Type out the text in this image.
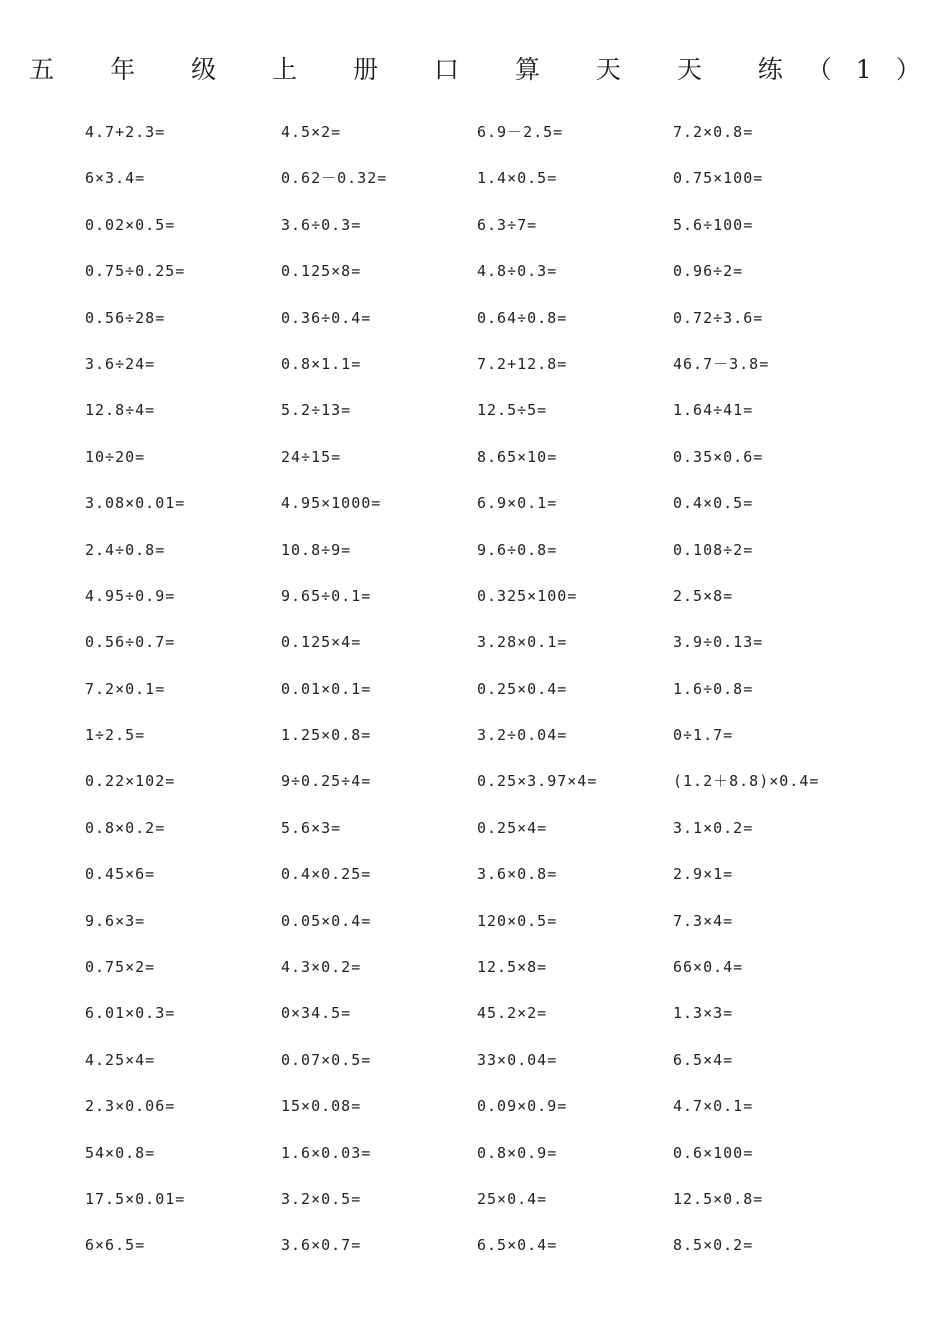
五 年 级 上 册 口 算 天 天 练（1）
4.7+2.3=	4.5×2=	6.9－2.5=	7.2×0.8=
6×3.4=	0.62－0.32=	1.4×0.5=	0.75×100=
0.02×0.5=	3.6÷0.3=	6.3÷7=	5.6÷100=
0.75÷0.25=	0.125×8=	4.8÷0.3=	0.96÷2=
0.56÷28=	0.36÷0.4=	0.64÷0.8=	0.72÷3.6=
3.6÷24=	0.8×1.1=	7.2+12.8=	46.7－3.8=
12.8÷4=	5.2÷13=	12.5÷5=	1.64÷41=
10÷20=	24÷15=	8.65×10=	0.35×0.6=
3.08×0.01=	4.95×1000=	6.9×0.1=	0.4×0.5=
2.4÷0.8=	10.8÷9=	9.6÷0.8=	0.108÷2=
4.95÷0.9=	9.65÷0.1=	0.325×100=	2.5×8=
0.56÷0.7=	0.125×4=	3.28×0.1=	3.9÷0.13=
7.2×0.1=	0.01×0.1=	0.25×0.4=	1.6÷0.8=
1÷2.5=	1.25×0.8=	3.2÷0.04=	0÷1.7=
0.22×102=	9÷0.25÷4=	0.25×3.97×4=	(1.2＋8.8)×0.4=
0.8×0.2=	5.6×3=	0.25×4=	3.1×0.2=
0.45×6=	0.4×0.25=	3.6×0.8=	2.9×1=
9.6×3=	0.05×0.4=	120×0.5=	7.3×4=
0.75×2=	4.3×0.2=	12.5×8=	66×0.4=
6.01×0.3=	0×34.5=	45.2×2=	1.3×3=
4.25×4=	0.07×0.5=	33×0.04=	6.5×4=
2.3×0.06=	15×0.08=	0.09×0.9=	4.7×0.1=
54×0.8=	1.6×0.03=	0.8×0.9=	0.6×100=
17.5×0.01=	3.2×0.5=	25×0.4=	12.5×0.8=
6×6.5=	3.6×0.7=	6.5×0.4=	8.5×0.2=
